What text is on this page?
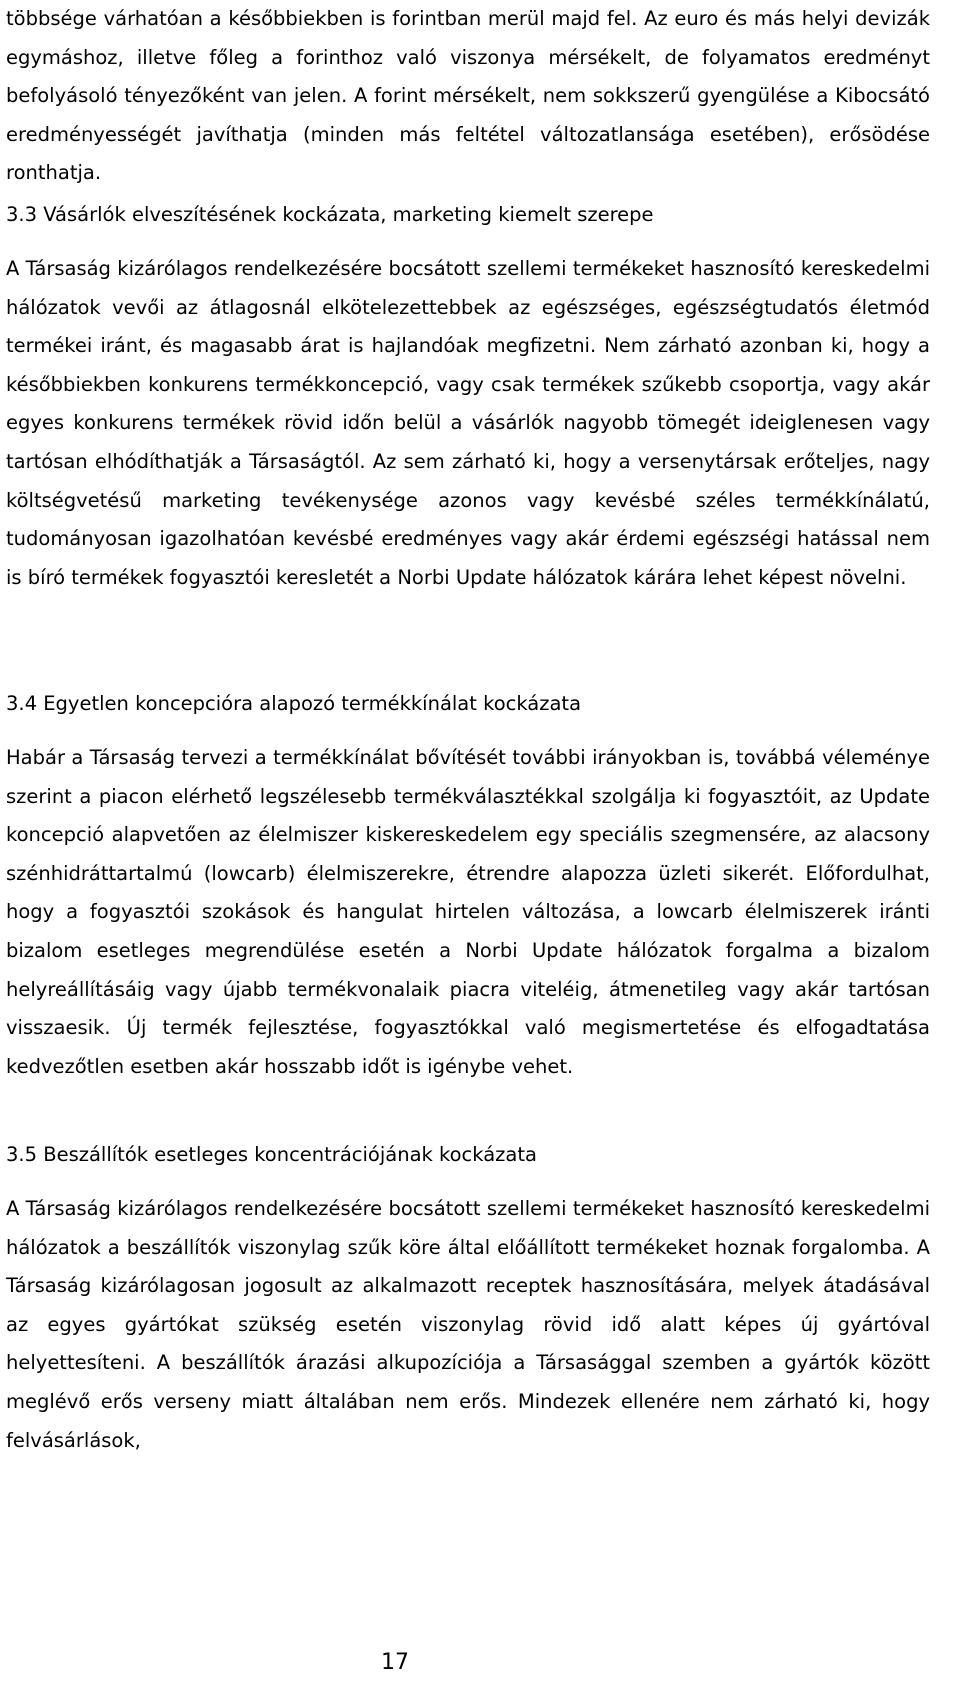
többsége várhatóan a későbbiekben is forintban merül majd fel. Az euro és más helyi devizák egymáshoz, illetve főleg a forinthoz való viszonya mérsékelt, de folyamatos eredményt befolyásoló tényezőként van jelen. A forint mérsékelt, nem sokkszerű gyengülése a Kibocsátó eredményességét javíthatja (minden más feltétel változatlansága esetében), erősödése ronthatja.

3.3 Vásárlók elveszítésének kockázata, marketing kiemelt szerepe

A Társaság kizárólagos rendelkezésére bocsátott szellemi termékeket hasznosító kereskedelmi hálózatok vevői az átlagosnál elkötelezettebbek az egészséges, egészségtudatós életmód termékei iránt, és magasabb árat is hajlandóak megfizetni. Nem zárható azonban ki, hogy a későbbiekben konkurens termékkoncepció, vagy csak termékek szűkebb csoportja, vagy akár egyes konkurens termékek rövid időn belül a vásárlók nagyobb tömegét ideiglenesen vagy tartósan elhódíthatják a Társaságtól. Az sem zárható ki, hogy a versenytársak erőteljes, nagy költségvetésű marketing tevékenysége azonos vagy kevésbé széles termékkínálatú, tudományosan igazolhatóan kevésbé eredményes vagy akár érdemi egészségi hatással nem is bíró termékek fogyasztói keresletét a Norbi Update hálózatok kárára lehet képest növelni.

3.4 Egyetlen koncepcióra alapozó termékkínálat kockázata

Habár a Társaság tervezi a termékkínálat bővítését további irányokban is, továbbá véleménye szerint a piacon elérhető legszélesebb termékválasztékkal szolgálja ki fogyasztóit, az Update koncepció alapvetően az élelmiszer kiskereskedelem egy speciális szegmensére, az alacsony szénhidráttartalmú (lowcarb) élelmiszerekre, étrendre alapozza üzleti sikerét. Előfordulhat, hogy a fogyasztói szokások és hangulat hirtelen változása, a lowcarb élelmiszerek iránti bizalom esetleges megrendülése esetén a Norbi Update hálózatok forgalma a bizalom helyreállításáig vagy újabb termékvonalaik piacra viteléig, átmenetileg vagy akár tartósan visszaesik. Új termék fejlesztése, fogyasztókkal való megismertetése és elfogadtatása kedvezőtlen esetben akár hosszabb időt is igénybe vehet.

3.5 Beszállítók esetleges koncentrációjának kockázata

A Társaság kizárólagos rendelkezésére bocsátott szellemi termékeket hasznosító kereskedelmi hálózatok a beszállítók viszonylag szűk köre által előállított termékeket hoznak forgalomba. A Társaság kizárólagosan jogosult az alkalmazott receptek hasznosítására, melyek átadásával az egyes gyártókat szükség esetén viszonylag rövid idő alatt képes új gyártóval helyettesíteni. A beszállítók árazási alkupozíciója a Társasággal szemben a gyártók között meglévő erős verseny miatt általában nem erős. Mindezek ellenére nem zárható ki, hogy felvásárlások,

17
